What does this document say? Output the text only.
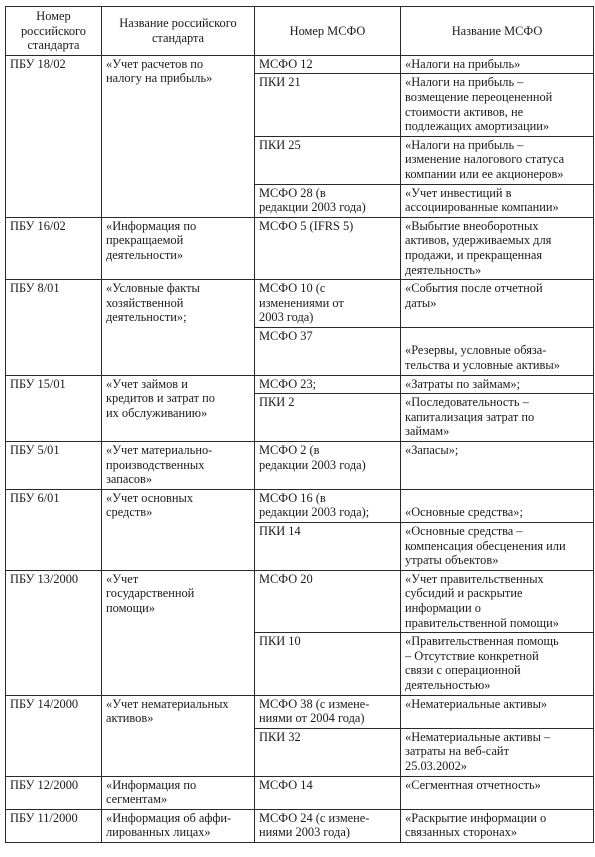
Номер
российского
стандарта	Название российского
стандарта	Номер МСФО	Название МСФО
ПБУ 18/02	«Учет расчетов по
налогу на прибыль»	МСФО 12	«Налоги на прибыль»
		ПКИ 21	«Налоги на прибыль –
возмещение переоцененной
стоимости активов, не
подлежащих амортизации»
		ПКИ 25	«Налоги на прибыль –
изменение налогового статуса
компании или ее акционеров»
		МСФО 28 (в
редакции 2003 года)	«Учет инвестиций в
ассоциированные компании»
ПБУ 16/02	«Информация по
прекращаемой
деятельности»	МСФО 5 (IFRS 5)	«Выбытие внеоборотных
активов, удерживаемых для
продажи, и прекращенная
деятельность»
ПБУ 8/01	«Условные факты
хозяйственной
деятельности»;	МСФО 10 (с
изменениями от
2003 года)	«События после отчетной
даты»
		МСФО 37	
«Резервы, условные обяза-
тельства и условные активы»
ПБУ 15/01	«Учет займов и
кредитов и затрат по
их обслуживанию»	МСФО 23;	«Затраты по займам»;
		ПКИ 2	«Последовательность –
капитализация затрат по
займам»
ПБУ 5/01	«Учет материально-
производственных
запасов»	МСФО 2 (в
редакции 2003 года)	«Запасы»;
ПБУ 6/01	«Учет основных
средств»	МСФО 16 (в
редакции 2003 года);	
«Основные средства»;
		ПКИ 14	«Основные средства –
компенсация обесценения или
утраты объектов»
ПБУ 13/2000	«Учет
государственной
помощи»	МСФО 20	«Учет правительственных
субсидий и раскрытие
информации о
правительственной помощи»
		ПКИ 10	«Правительственная помощь
– Отсутствие конкретной
связи с операционной
деятельностью»
ПБУ 14/2000	«Учет нематериальных
активов»	МСФО 38 (с измене-
ниями от 2004 года)	«Нематериальные активы»
		ПКИ 32	«Нематериальные активы –
затраты на веб-сайт
25.03.2002»
ПБУ 12/2000	«Информация по
сегментам»	МСФО 14	«Сегментная отчетность»
ПБУ 11/2000	«Информация об аффи-
лированных лицах»	МСФО 24 (с измене-
ниями 2003 года)	«Раскрытие информации о
связанных сторонах»
